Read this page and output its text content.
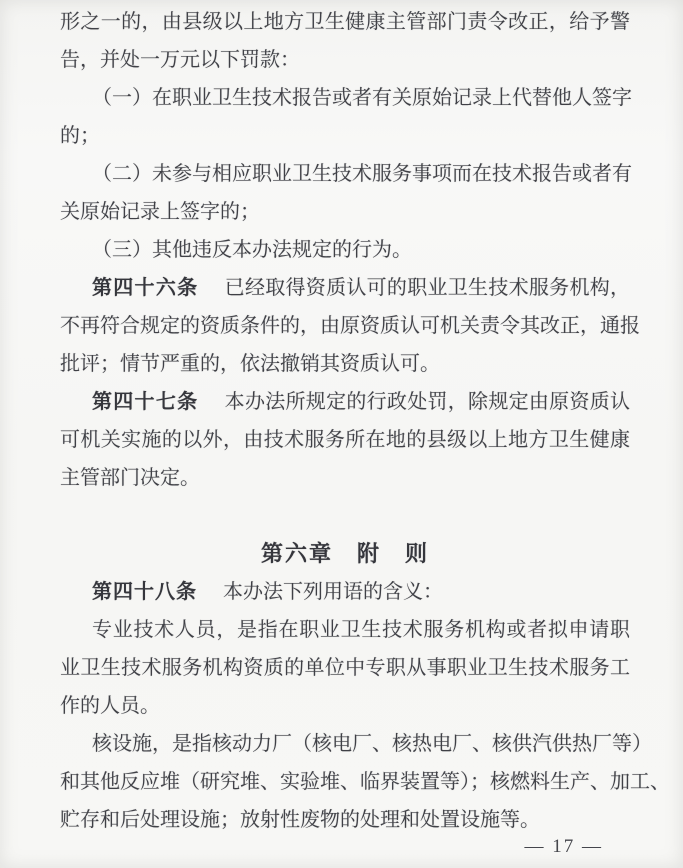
形之一的，由县级以上地方卫生健康主管部门责令改正，给予警
告，并处一万元以下罚款：
（一）在职业卫生技术报告或者有关原始记录上代替他人签字
的；
（二）未参与相应职业卫生技术服务事项而在技术报告或者有
关原始记录上签字的；
（三）其他违反本办法规定的行为。
第四十六条　已经取得资质认可的职业卫生技术服务机构，
不再符合规定的资质条件的，由原资质认可机关责令其改正，通报
批评；情节严重的，依法撤销其资质认可。
第四十七条　本办法所规定的行政处罚，除规定由原资质认
可机关实施的以外，由技术服务所在地的县级以上地方卫生健康
主管部门决定。
第六章　附　则
第四十八条　本办法下列用语的含义：
专业技术人员，是指在职业卫生技术服务机构或者拟申请职
业卫生技术服务机构资质的单位中专职从事职业卫生技术服务工
作的人员。
核设施，是指核动力厂（核电厂、核热电厂、核供汽供热厂等）
和其他反应堆（研究堆、实验堆、临界装置等）；核燃料生产、加工、
贮存和后处理设施；放射性废物的处理和处置设施等。
— 17 —
